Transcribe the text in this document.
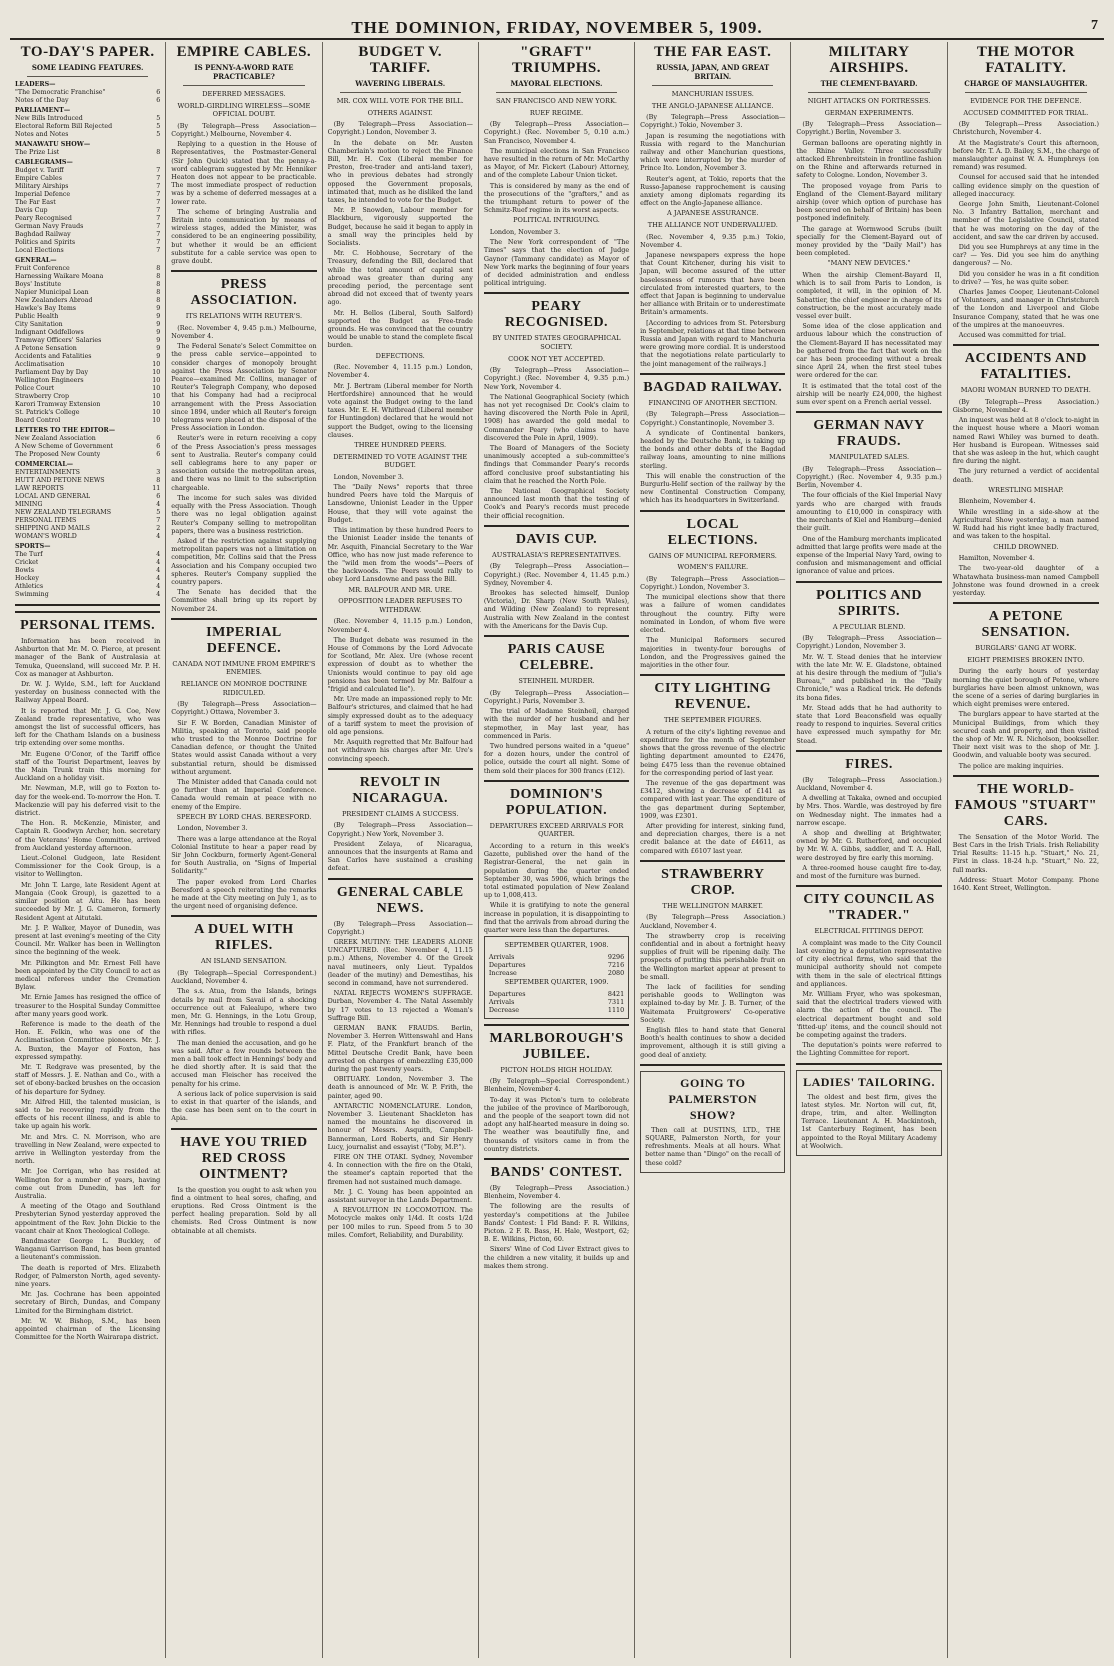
THE DOMINION, FRIDAY, NOVEMBER 5, 1909.	7
TO-DAY'S PAPER.
SOME LEADING FEATURES.
LEADERS—
"The Democratic Franchise"	6
Notes of the Day	6
PARLIAMENT—
New Bills Introduced	5
Electoral Reform Bill Rejected	5
Notes and Notes	5
MANAWATU SHOW—
The Prize List	8
CABLEGRAMS—
Budget v. Tariff	7
Empire Cables	7
Military Airships	7
Imperial Defence	7
The Far East	7
Davis Cup	7
Peary Recognised	7
German Navy Frauds	7
Baghdad Railway	7
Politics and Spirits	7
Local Elections	7
GENERAL—
Fruit Conference	8
Harnessing Waikare Moana	8
Boys' Institute	8
Napier Municipal Loan	8
New Zealanders Abroad	8
Hawke's Bay Items	9
Public Health	9
City Sanitation	9
Indignant Oddfellows	9
Tramway Officers' Salaries	9
A Petone Sensation	9
Accidents and Fatalities	9
Acclimatisation	10
Parliament Day by Day	10
Wellington Engineers	10
Police Court	10
Strawberry Crop	10
Karori Tramway Extension	10
St. Patrick's College	10
Board Control	10
LETTERS TO THE EDITOR—
New Zealand Association	6
A New Scheme of Government	6
The Proposed New County	6
COMMERCIAL—
ENTERTAINMENTS	3
HUTT AND PETONE NEWS	8
LAW REPORTS	11
LOCAL AND GENERAL	6
MINING	4
NEW ZEALAND TELEGRAMS	5
PERSONAL ITEMS	7
SHIPPING AND MAILS	2
WOMAN'S WORLD	4
SPORTS—
The Turf	4
Cricket	4
Bowls	4
Hockey	4
Athletics	4
Swimming	4
PERSONAL ITEMS.

Information has been received in Ashburton that Mr. M. O. Pierce, at present manager of the Bank of Australasia at Temuka, Queensland, will succeed Mr. P. H. Cox as manager at Ashburton.

Dr. W. J. Wylde, S.M., left for Auckland yesterday on business connected with the Railway Appeal Board.

It is reported that Mr. J. G. Coe, New Zealand trade representative, who was amongst the list of successful officers, has left for the Chatham Islands on a business trip extending over some months.

Mr. Eugene O'Conor, of the Tariff office staff of the Tourist Department, leaves by the Main Trunk train this morning for Auckland on a holiday visit.

Mr. Newman, M.P., will go to Foxton to-day for the week-end. To-morrow the Hon. T. Mackenzie will pay his deferred visit to the district.

The Hon. R. McKenzie, Minister, and Captain R. Goodwyn Archer, hon. secretary of the Veterans' Home Committee, arrived from Auckland yesterday afternoon.

Lieut.-Colonel Gudgeon, late Resident Commissioner for the Cook Group, is a visitor to Wellington.

Mr. John T. Large, late Resident Agent at Mangaia (Cook Group), is gazetted to a similar position at Aitu. He has been succeeded by Mr. J. G. Cameron, formerly Resident Agent at Aitutaki.

Mr. J. P. Walker, Mayor of Dunedin, was present at last evening's meeting of the City Council. Mr. Walker has been in Wellington since the beginning of the week.

Mr. Pilkington and Mr. Ernest Fell have been appointed by the City Council to act as medical referees under the Cremation Bylaw.

Mr. Ernie James has resigned the office of treasurer to the Hospital Sunday Committee after many years good work.

Reference is made to the death of the Hon. E. Felkin, who was one of the Acclimatisation Committee pioneers. Mr. J. A. Buxton, the Mayor of Foxton, has expressed sympathy.

Mr. T. Redgrave was presented, by the staff of Messrs. J. E. Nathan and Co., with a set of ebony-backed brushes on the occasion of his departure for Sydney.

Mr. Alfred Hill, the talented musician, is said to be recovering rapidly from the effects of his recent illness, and is able to take up again his work.

Mr. and Mrs. C. N. Morrison, who are travelling in New Zealand, were expected to arrive in Wellington yesterday from the north.

Mr. Joe Corrigan, who has resided at Wellington for a number of years, having come out from Dunedin, has left for Australia.

A meeting of the Otago and Southland Presbyterian Synod yesterday approved the appointment of the Rev. John Dickie to the vacant chair at Knox Theological College.

Bandmaster George L. Buckley, of Wanganui Garrison Band, has been granted a lieutenant's commission.

The death is reported of Mrs. Elizabeth Rodger, of Palmerston North, aged seventy-nine years.

Mr. Jas. Cochrane has been appointed secretary of Birch, Dundas, and Company Limited for the Birmingham district.

Mr. W. W. Bishop, S.M., has been appointed chairman of the Licensing Committee for the North Wairarapa district.

EMPIRE CABLES.
IS PENNY-A-WORD RATE PRACTICABLE?
DEFERRED MESSAGES.
WORLD-GIRDLING WIRELESS—SOME OFFICIAL DOUBT.

(By Telegraph—Press Association—Copyright.) Melbourne, November 4.

Replying to a question in the House of Representatives, the Postmaster-General (Sir John Quick) stated that the penny-a-word cablegram suggested by Mr. Henniker Heaton does not appear to be practicable. The most immediate prospect of reduction was by a scheme of deferred messages at a lower rate.

The scheme of bringing Australia and Britain into communication by means of wireless stages, added the Minister, was considered to be an engineering possibility, but whether it would be an efficient substitute for a cable service was open to grave doubt.

PRESS ASSOCIATION.
ITS RELATIONS WITH REUTER'S.

(Rec. November 4, 9.45 p.m.) Melbourne, November 4.

The Federal Senate's Select Committee on the press cable service—appointed to consider charges of monopoly brought against the Press Association by Senator Pearce—examined Mr. Collins, manager of Reuter's Telegraph Company, who deposed that his Company had had a reciprocal arrangement with the Press Association since 1894, under which all Reuter's foreign telegrams were placed at the disposal of the Press Association in London.

Reuter's were in return receiving a copy of the Press Association's press messages sent to Australia. Reuter's company could sell cablegrams here to any paper or association outside the metropolitan areas, and there was no limit to the subscription chargeable.

The income for such sales was divided equally with the Press Association. Though there was no legal obligation against Reuter's Company selling to metropolitan papers, there was a business restriction.

Asked if the restriction against supplying metropolitan papers was not a limitation on competition, Mr. Collins said that the Press Association and his Company occupied two spheres. Reuter's Company supplied the country papers.

The Senate has decided that the Committee shall bring up its report by November 24.

IMPERIAL DEFENCE.
CANADA NOT IMMUNE FROM EMPIRE'S ENEMIES.
RELIANCE ON MONROE DOCTRINE RIDICULED.

(By Telegraph—Press Association—Copyright.) Ottawa, November 3.

Sir F. W. Borden, Canadian Minister of Militia, speaking at Toronto, said people who trusted to the Monroe Doctrine for Canadian defence, or thought the United States would assist Canada without a very substantial return, should be dismissed without argument.

The Minister added that Canada could not go further than at Imperial Conference. Canada would remain at peace with no enemy of the Empire.

SPEECH BY LORD CHAS. BERESFORD.

London, November 3.

There was a large attendance at the Royal Colonial Institute to hear a paper read by Sir John Cockburn, formerly Agent-General for South Australia, on "Signs of Imperial Solidarity."

The paper evoked from Lord Charles Beresford a speech reiterating the remarks he made at the City meeting on July 1, as to the urgent need of organising defence.

A DUEL WITH RIFLES.
AN ISLAND SENSATION.

(By Telegraph—Special Correspondent.) Auckland, November 4.

The s.s. Atua, from the Islands, brings details by mail from Savaii of a shocking occurrence out at Falealupo, where two men, Mr. G. Hennings, in the Lotu Group, Mr. Hennings had trouble to respond a duel with rifles.

The man denied the accusation, and go he was said. After a few rounds between the men a ball took effect in Hennings' body and he died shortly after. It is said that the accused man Fleischer has received the penalty for his crime.

A serious lack of police supervision is said to exist in that quarter of the islands, and the case has been sent on to the court in Apia.

HAVE YOU TRIED RED CROSS OINTMENT?

Is the question you ought to ask when you find a ointment to heal sores, chafing, and eruptions. Red Cross Ointment is the perfect healing preparation. Sold by all chemists. Red Cross Ointment is now obtainable at all chemists.

BUDGET V. TARIFF.
WAVERING LIBERALS.
MR. COX WILL VOTE FOR THE BILL.
OTHERS AGAINST.

(By Telegraph—Press Association—Copyright.) London, November 3.

In the debate on Mr. Austen Chamberlain's motion to reject the Finance Bill, Mr. H. Cox (Liberal member for Preston, free-trader and anti-land taxer), who in previous debates had strongly opposed the Government proposals, intimated that, much as he disliked the land taxes, he intended to vote for the Budget.

Mr. P. Snowden, Labour member for Blackburn, vigorously supported the Budget, because he said it began to apply in a small way the principles held by Socialists.

Mr. C. Hobhouse, Secretary of the Treasury, defending the Bill, declared that while the total amount of capital sent abroad was greater than during any preceding period, the percentage sent abroad did not exceed that of twenty years ago.

Mr. H. Bellos (Liberal, South Salford) supported the Budget as Free-trade grounds. He was convinced that the country would be unable to stand the complete fiscal burden.

DEFECTIONS.

(Rec. November 4, 11.15 p.m.) London, November 4.

Mr. J. Bertram (Liberal member for North Hertfordshire) announced that he would vote against the Budget owing to the land taxes. Mr. E. H. Whitbread (Liberal member for Huntingdon) declared that he would not support the Budget, owing to the licensing clauses.

THREE HUNDRED PEERS.
DETERMINED TO VOTE AGAINST THE BUDGET.

London, November 3.

The "Daily News" reports that three hundred Peers have told the Marquis of Lansdowne, Unionist Leader in the Upper House, that they will vote against the Budget.

This intimation by these hundred Peers to the Unionist Leader inside the tenants of Mr. Asquith, Financial Secretary to the War Office, who has now just made reference to the "wild men from the woods"—Peers of the backwoods. The Peers would rally to obey Lord Lansdowne and pass the Bill.

MR. BALFOUR AND MR. URE.
OPPOSITION LEADER REFUSES TO WITHDRAW.

(Rec. November 4, 11.15 p.m.) London, November 4.

The Budget debate was resumed in the House of Commons by the Lord Advocate for Scotland, Mr. Alex. Ure (whose recent expression of doubt as to whether the Unionists would continue to pay old age pensions has been termed by Mr. Balfour a "frigid and calculated lie").

Mr. Ure made an impassioned reply to Mr. Balfour's strictures, and claimed that he had simply expressed doubt as to the adequacy of a tariff system to meet the provision of old age pensions.

Mr. Asquith regretted that Mr. Balfour had not withdrawn his charges after Mr. Ure's convincing speech.

REVOLT IN NICARAGUA.
PRESIDENT CLAIMS A SUCCESS.

(By Telegraph—Press Association—Copyright.) New York, November 3.

President Zelaya, of Nicaragua, announces that the insurgents at Rama and San Carlos have sustained a crushing defeat.

GENERAL CABLE NEWS.

(By Telegraph—Press Association—Copyright.)

GREEK MUTINY: THE LEADERS ALONE UNCAPTURED. (Rec. November 4, 11.15 p.m.) Athens, November 4. Of the Greek naval mutineers, only Lieut. Typaldos (leader of the mutiny) and Demestihas, his second in command, have not surrendered.

NATAL REJECTS WOMEN'S SUFFRAGE. Durban, November 4. The Natal Assembly by 17 votes to 13 rejected a Woman's Suffrage Bill.

GERMAN BANK FRAUDS. Berlin, November 3. Herren Wittenswahl and Hans F. Platz, of the Frankfurt branch of the Mittel Deutsche Credit Bank, have been arrested on charges of embezzling £35,000 during the past twenty years.

OBITUARY. London, November 3. The death is announced of Mr. W. P. Frith, the painter, aged 90.

ANTARCTIC NOMENCLATURE. London, November 3. Lieutenant Shackleton has named the mountains he discovered in honour of Messrs. Asquith, Campbell-Bannerman, Lord Roberts, and Sir Henry Lucy, journalist and essayist ("Toby, M.P.").

FIRE ON THE OTAKI. Sydney, November 4. In connection with the fire on the Otaki, the steamer's captain reported that the firemen had not sustained much damage.

Mr. J. C. Young has been appointed an assistant surveyor in the Lands Department.

A REVOLUTION IN LOCOMOTION. The Motocycle makes only 1/4d. It costs 1/2d per 100 miles to run. Speed from 5 to 30 miles. Comfort, Reliability, and Durability.

"GRAFT" TRIUMPHS.
MAYORAL ELECTIONS.
SAN FRANCISCO AND NEW YORK.
RUEF REGIME.

(By Telegraph—Press Association—Copyright.) (Rec. November 5, 0.10 a.m.) San Francisco, November 4.

The municipal elections in San Francisco have resulted in the return of Mr. McCarthy as Mayor, of Mr. Fickert (Labour) Attorney, and of the complete Labour Union ticket.

This is considered by many as the end of the prosecutions of the "grafters," and as the triumphant return to power of the Schmitz-Ruef regime in its worst aspects.

POLITICAL INTRIGUING.

London, November 3.

The New York correspondent of "The Times" says that the election of Judge Gaynor (Tammany candidate) as Mayor of New York marks the beginning of four years of decided administration and endless political intriguing.

PEARY RECOGNISED.
BY UNITED STATES GEOGRAPHICAL SOCIETY.
COOK NOT YET ACCEPTED.

(By Telegraph—Press Association—Copyright.) (Rec. November 4, 9.35 p.m.) New York, November 4.

The National Geographical Society (which has not yet recognised Dr. Cook's claim to having discovered the North Pole in April, 1908) has awarded the gold medal to Commander Peary (who claims to have discovered the Pole in April, 1909).

The Board of Managers of the Society unanimously accepted a sub-committee's findings that Commander Peary's records afford conclusive proof substantiating his claim that he reached the North Pole.

The National Geographical Society announced last month that the testing of Cook's and Peary's records must precede their official recognition.

DAVIS CUP.
AUSTRALASIA'S REPRESENTATIVES.

(By Telegraph—Press Association—Copyright.) (Rec. November 4, 11.45 p.m.) Sydney, November 4.

Brookes has selected himself, Dunlop (Victoria), Dr. Sharp (New South Wales), and Wilding (New Zealand) to represent Australia with New Zealand in the contest with the Americans for the Davis Cup.

PARIS CAUSE CELEBRE.
STEINHEIL MURDER.

(By Telegraph—Press Association—Copyright.) Paris, November 3.

The trial of Madame Steinheil, charged with the murder of her husband and her stepmother, in May last year, has commenced in Paris.

Two hundred persons waited in a "queue" for a dozen hours, under the control of police, outside the court all night. Some of them sold their places for 300 francs (£12).

DOMINION'S POPULATION.
DEPARTURES EXCEED ARRIVALS FOR QUARTER.

According to a return in this week's Gazette, published over the hand of the Registrar-General, the net gain in population during the quarter ended September 30, was 5906, which brings the total estimated population of New Zealand up to 1,008,413.

While it is gratifying to note the general increase in population, it is disappointing to find that the arrivals from abroad during the quarter were less than the departures.

SEPTEMBER QUARTER, 1908.
Arrivals	9296
Departures	7216
Increase	2080
SEPTEMBER QUARTER, 1909.
Departures	8421
Arrivals	7311
Decrease	1110
MARLBOROUGH'S JUBILEE.
PICTON HOLDS HIGH HOLIDAY.

(By Telegraph—Special Correspondent.) Blenheim, November 4.

To-day it was Picton's turn to celebrate the jubilee of the province of Marlborough, and the people of the seaport town did not adopt any half-hearted measure in doing so. The weather was beautifully fine, and thousands of visitors came in from the country districts.

BANDS' CONTEST.

(By Telegraph—Press Association.) Blenheim, November 4.

The following are the results of yesterday's competitions at the Jubilee Bands' Contest: 1 Fld Band: F. R. Wilkins, Picton. 2 F. R. Bass, H. Hale, Westport, 62; B. E. Wilkins, Picton, 60.

Sixers' Wine of Cod Liver Extract gives to the children a new vitality, it builds up and makes them strong.

THE FAR EAST.
RUSSIA, JAPAN, AND GREAT BRITAIN.
MANCHURIAN ISSUES.
THE ANGLO-JAPANESE ALLIANCE.

(By Telegraph—Press Association—Copyright.) Tokio, November 3.

Japan is resuming the negotiations with Russia with regard to the Manchurian railway and other Manchurian questions, which were interrupted by the murder of Prince Ito. London, November 3.

Reuter's agent, at Tokio, reports that the Russo-Japanese rapprochement is causing anxiety among diplomats regarding its effect on the Anglo-Japanese alliance.

A JAPANESE ASSURANCE.
THE ALLIANCE NOT UNDERVALUED.

(Rec. November 4, 9.35 p.m.) Tokio, November 4.

Japanese newspapers express the hope that Count Kitchener, during his visit to Japan, will become assured of the utter baselessness of rumours that have been circulated from interested quarters, to the effect that Japan is beginning to undervalue her alliance with Britain or to underestimate Britain's armaments.

[According to advices from St. Petersburg in September, relations at that time between Russia and Japan with regard to Manchuria were growing more cordial. It is understood that the negotiations relate particularly to the joint management of the railways.]

BAGDAD RAILWAY.
FINANCING OF ANOTHER SECTION.

(By Telegraph—Press Association—Copyright.) Constantinople, November 3.

A syndicate of Continental bankers, headed by the Deutsche Bank, is taking up the bonds and other debts of the Bagdad railway loans, amounting to nine millions sterling.

This will enable the construction of the Burgurlu-Helif section of the railway by the new Continental Construction Company, which has its headquarters in Switzerland.

LOCAL ELECTIONS.
GAINS OF MUNICIPAL REFORMERS.
WOMEN'S FAILURE.

(By Telegraph—Press Association—Copyright.) London, November 3.

The municipal elections show that there was a failure of women candidates throughout the country. Fifty were nominated in London, of whom five were elected.

The Municipal Reformers secured majorities in twenty-four boroughs of London, and the Progressives gained the majorities in the other four.

CITY LIGHTING REVENUE.
THE SEPTEMBER FIGURES.

A return of the city's lighting revenue and expenditure for the month of September shows that the gross revenue of the electric lighting department amounted to £2476, being £475 less than the revenue obtained for the corresponding period of last year.

The revenue of the gas department was £3412, showing a decrease of £141 as compared with last year. The expenditure of the gas department during September, 1909, was £2301.

After providing for interest, sinking fund, and depreciation charges, there is a net credit balance at the date of £4611, as compared with £6107 last year.

STRAWBERRY CROP.
THE WELLINGTON MARKET.

(By Telegraph—Press Association.) Auckland, November 4.

The strawberry crop is receiving confidential and in about a fortnight heavy supplies of fruit will be ripening daily. The prospects of putting this perishable fruit on the Wellington market appear at present to be small.

The lack of facilities for sending perishable goods to Wellington was explained to-day by Mr. J. B. Turner, of the Waitemata Fruitgrowers' Co-operative Society.

English files to hand state that General Booth's health continues to show a decided improvement, although it is still giving a good deal of anxiety.

GOING TO PALMERSTON SHOW?

Then call at DUSTINS, LTD., THE SQUARE, Palmerston North, for your refreshments. Meals at all hours. What better name than "Dingo" on the recall of these cold?

MILITARY AIRSHIPS.
THE CLEMENT-BAYARD.
NIGHT ATTACKS ON FORTRESSES.
GERMAN EXPERIMENTS.

(By Telegraph—Press Association—Copyright.) Berlin, November 3.

German balloons are operating nightly in the Rhine Valley. Three successfully attacked Ehrenbreitstein in frontline fashion on the Rhine and afterwards returned in safety to Cologne. London, November 3.

The proposed voyage from Paris to England of the Clement-Bayard military airship (over which option of purchase has been secured on behalf of Britain) has been postponed indefinitely.

The garage at Wormwood Scrubs (built specially for the Clement-Bayard out of money provided by the "Daily Mail") has been completed.

"MANY NEW DEVICES."

When the airship Clement-Bayard II, which is to sail from Paris to London, is completed, it will, in the opinion of M. Sabattier, the chief engineer in charge of its construction, be the most accurately made vessel ever built.

Some idea of the close application and arduous labour which the construction of the Clement-Bayard II has necessitated may be gathered from the fact that work on the car has been proceeding without a break since April 24, when the first steel tubes were ordered for the car.

It is estimated that the total cost of the airship will be nearly £24,000, the highest sum ever spent on a French aerial vessel.

GERMAN NAVY FRAUDS.
MANIPULATED SALES.

(By Telegraph—Press Association—Copyright.) (Rec. November 4, 9.35 p.m.) Berlin, November 4.

The four officials of the Kiel Imperial Navy yards who are charged with frauds amounting to £10,000 in conspiracy with the merchants of Kiel and Hamburg—denied their guilt.

One of the Hamburg merchants implicated admitted that large profits were made at the expense of the Imperial Navy Yard, owing to confusion and mismanagement and official ignorance of value and prices.

POLITICS AND SPIRITS.
A PECULIAR BLEND.

(By Telegraph—Press Association—Copyright.) London, November 3.

Mr. W. T. Stead denies that he interview with the late Mr. W. E. Gladstone, obtained at his desire through the medium of "Julia's Bureau," and published in the "Daily Chronicle," was a Radical trick. He defends its bona fides.

Mr. Stead adds that he had authority to state that Lord Beaconsfield was equally ready to respond to inquiries. Several critics have expressed much sympathy for Mr. Stead.

FIRES.

(By Telegraph—Press Association.) Auckland, November 4.

A dwelling at Takaka, owned and occupied by Mrs. Thos. Wardle, was destroyed by fire on Wednesday night. The inmates had a narrow escape.

A shop and dwelling at Brightwater, owned by Mr. G. Rutherford, and occupied by Mr. W. A. Gibbs, saddler, and T. A. Hall, were destroyed by fire early this morning.

A three-roomed house caught fire to-day, and most of the furniture was burned.

CITY COUNCIL AS "TRADER."
ELECTRICAL FITTINGS DEPOT.

A complaint was made to the City Council last evening by a deputation representative of city electrical firms, who said that the municipal authority should not compete with them in the sale of electrical fittings and appliances.

Mr. William Fryer, who was spokesman, said that the electrical traders viewed with alarm the action of the council. The electrical department bought and sold 'fitted-up' items, and the council should not be competing against the traders.

The deputation's points were referred to the Lighting Committee for report.

LADIES' TAILORING.

The oldest and best firm, gives the latest styles. Mr. Norton will cut, fit, drape, trim, and alter. Wellington Terrace. Lieutenant A. H. Mackintosh, 1st Canterbury Regiment, has been appointed to the Royal Military Academy at Woolwich.

THE MOTOR FATALITY.
CHARGE OF MANSLAUGHTER.
EVIDENCE FOR THE DEFENCE.
ACCUSED COMMITTED FOR TRIAL.

(By Telegraph—Press Association.) Christchurch, November 4.

At the Magistrate's Court this afternoon, before Mr. T. A. D. Bailey, S.M., the charge of manslaughter against W. A. Humphreys (on remand) was resumed.

Counsel for accused said that he intended calling evidence simply on the question of alleged inaccuracy.

George John Smith, Lieutenant-Colonel No. 3 Infantry Battalion, merchant and member of the Legislative Council, stated that he was motoring on the day of the accident, and saw the car driven by accused.

Did you see Humphreys at any time in the car? — Yes. Did you see him do anything dangerous? — No.

Did you consider he was in a fit condition to drive? — Yes, he was quite sober.

Charles James Cooper, Lieutenant-Colonel of Volunteers, and manager in Christchurch of the London and Liverpool and Globe Insurance Company, stated that he was one of the umpires at the manoeuvres.

Accused was committed for trial.

ACCIDENTS AND FATALITIES.
MAORI WOMAN BURNED TO DEATH.

(By Telegraph—Press Association.) Gisborne, November 4.

An inquest was held at 8 o'clock to-night in the inquest house where a Maori woman named Rawi Whiley was burned to death. Her husband is European. Witnesses said that she was asleep in the hut, which caught fire during the night.

The jury returned a verdict of accidental death.

WRESTLING MISHAP.

Blenheim, November 4.

While wrestling in a side-show at the Agricultural Show yesterday, a man named W. Rudd had his right knee badly fractured, and was taken to the hospital.

CHILD DROWNED.

Hamilton, November 4.

The two-year-old daughter of a Whatawhata business-man named Campbell Johnstone was found drowned in a creek yesterday.

A PETONE SENSATION.
BURGLARS' GANG AT WORK.
EIGHT PREMISES BROKEN INTO.

During the early hours of yesterday morning the quiet borough of Petone, where burglaries have been almost unknown, was the scene of a series of daring burglaries in which eight premises were entered.

The burglars appear to have started at the Municipal Buildings, from which they secured cash and property, and then visited the shop of Mr. W. R. Nicholson, bookseller. Their next visit was to the shop of Mr. J. Goodwin, and valuable booty was secured.

The police are making inquiries.

THE WORLD-FAMOUS "STUART" CARS.

The Sensation of the Motor World. The Best Cars in the Irish Trials. Irish Reliability Trial Results: 11-15 h.p. "Stuart," No. 21, First in class. 18-24 h.p. "Stuart," No. 22, full marks.

Address: Stuart Motor Company. Phone 1640. Kent Street, Wellington.
